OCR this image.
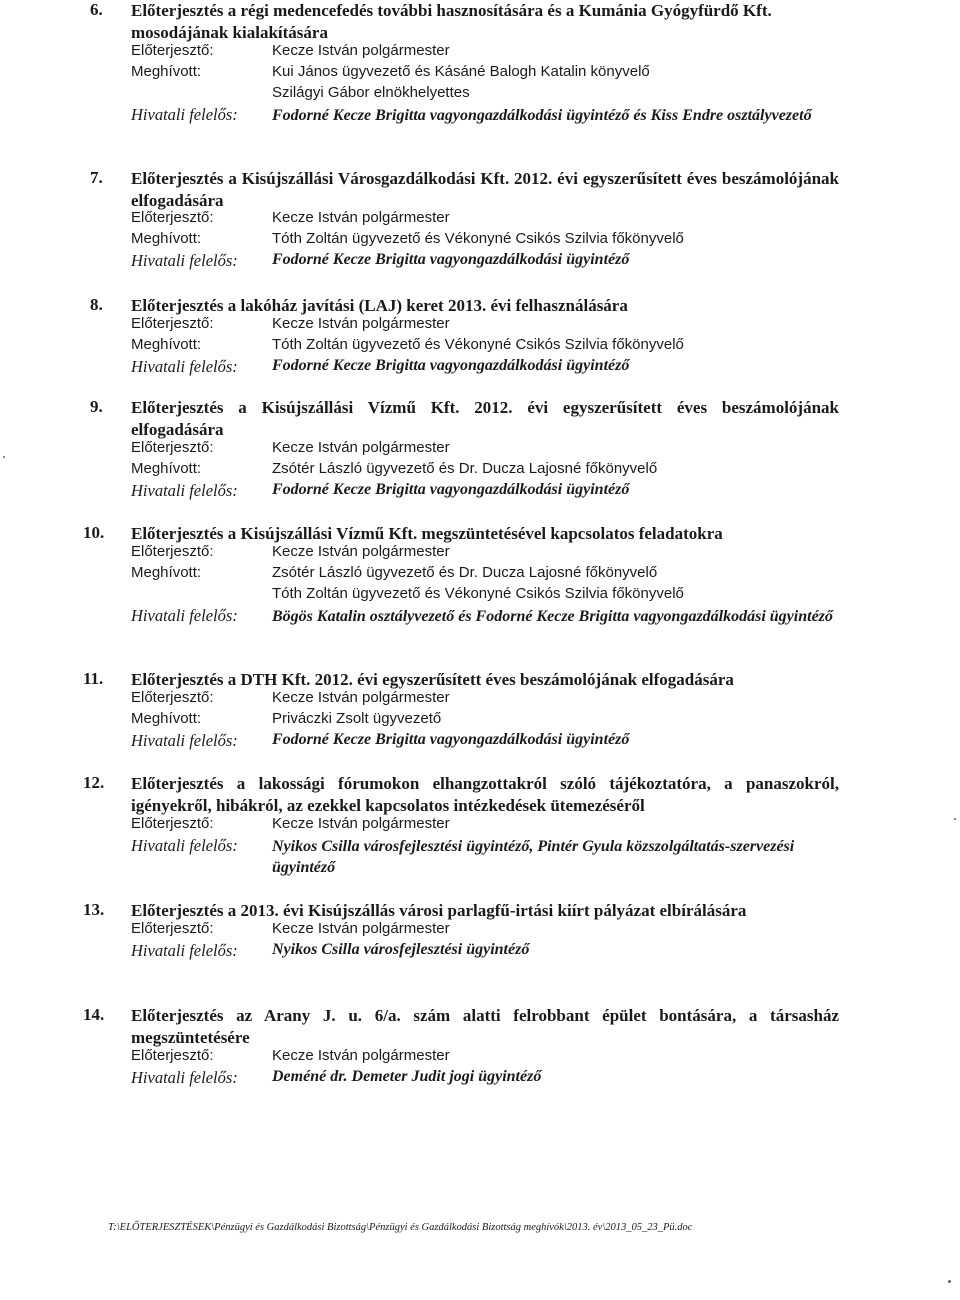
6. Előterjesztés a régi medencefedés további hasznosítására és a Kumánia Gyógyfürdő Kft. mosodájának kialakítására
Előterjesztő:	Kecze István polgármester
Meghívott:	Kui János ügyvezető és Kásáné Balogh Katalin könyvelő
Szilágyi Gábor elnökhelyettes
Hivatali felelős: Fodorné Kecze Brigitta vagyongazdálkodási ügyintéző és Kiss Endre osztályvezető
7. Előterjesztés a Kisújszállási Városgazdálkodási Kft. 2012. évi egyszerűsített éves beszámolójának elfogadására
Előterjesztő:	Kecze István polgármester
Meghívott:	Tóth Zoltán ügyvezető és Vékonyné Csikós Szilvia főkönyvelő
Hivatali felelős: Fodorné Kecze Brigitta vagyongazdálkodási ügyintéző
8. Előterjesztés a lakóház javítási (LAJ) keret 2013. évi felhasználására
Előterjesztő:	Kecze István polgármester
Meghívott:	Tóth Zoltán ügyvezető és Vékonyné Csikós Szilvia főkönyvelő
Hivatali felelős: Fodorné Kecze Brigitta vagyongazdálkodási ügyintéző
9. Előterjesztés a Kisújszállási Vízmű Kft. 2012. évi egyszerűsített éves beszámolójának elfogadására
Előterjesztő:	Kecze István polgármester
Meghívott:	Zsótér László ügyvezető és Dr. Ducza Lajosné főkönyvelő
Hivatali felelős: Fodorné Kecze Brigitta vagyongazdálkodási ügyintéző
10. Előterjesztés a Kisújszállási Vízmű Kft. megszüntetésével kapcsolatos feladatokra
Előterjesztő:	Kecze István polgármester
Meghívott:	Zsótér László ügyvezető és Dr. Ducza Lajosné főkönyvelő
Tóth Zoltán ügyvezető és Vékonyné Csikós Szilvia főkönyvelő
Hivatali felelős: Bögös Katalin osztályvezető és Fodorné Kecze Brigitta vagyongazdálkodási ügyintéző
11. Előterjesztés a DTH Kft. 2012. évi egyszerűsített éves beszámolójának elfogadására
Előterjesztő:	Kecze István polgármester
Meghívott:	Priváczki Zsolt ügyvezető
Hivatali felelős: Fodorné Kecze Brigitta vagyongazdálkodási ügyintéző
12. Előterjesztés a lakossági fórumokon elhangzottakról szóló tájékoztatóra, a panaszokról, igényekről, hibákról, az ezekkel kapcsolatos intézkedések ütemezéséről
Előterjesztő:	Kecze István polgármester
Hivatali felelős: Nyikos Csilla városfejlesztési ügyintéző, Pintér Gyula közszolgáltatás-szervezési ügyintéző
13. Előterjesztés a 2013. évi Kisújszállás városi parlagfű-irtási kiírt pályázat elbírálására
Előterjesztő:	Kecze István polgármester
Hivatali felelős: Nyikos Csilla városfejlesztési ügyintéző
14. Előterjesztés az Arany J. u. 6/a. szám alatti felrobbant épület bontására, a társasház megszüntetésére
Előterjesztő:	Kecze István polgármester
Hivatali felelős: Deméné dr. Demeter Judit jogi ügyintéző
T:\ELŐTERJESZTÉSEK\Pénzügyi és Gazdálkodási Bizottság\Pénzügyi és Gazdálkodási Bizottság meghívók\2013. év\2013_05_23_Pü.doc
